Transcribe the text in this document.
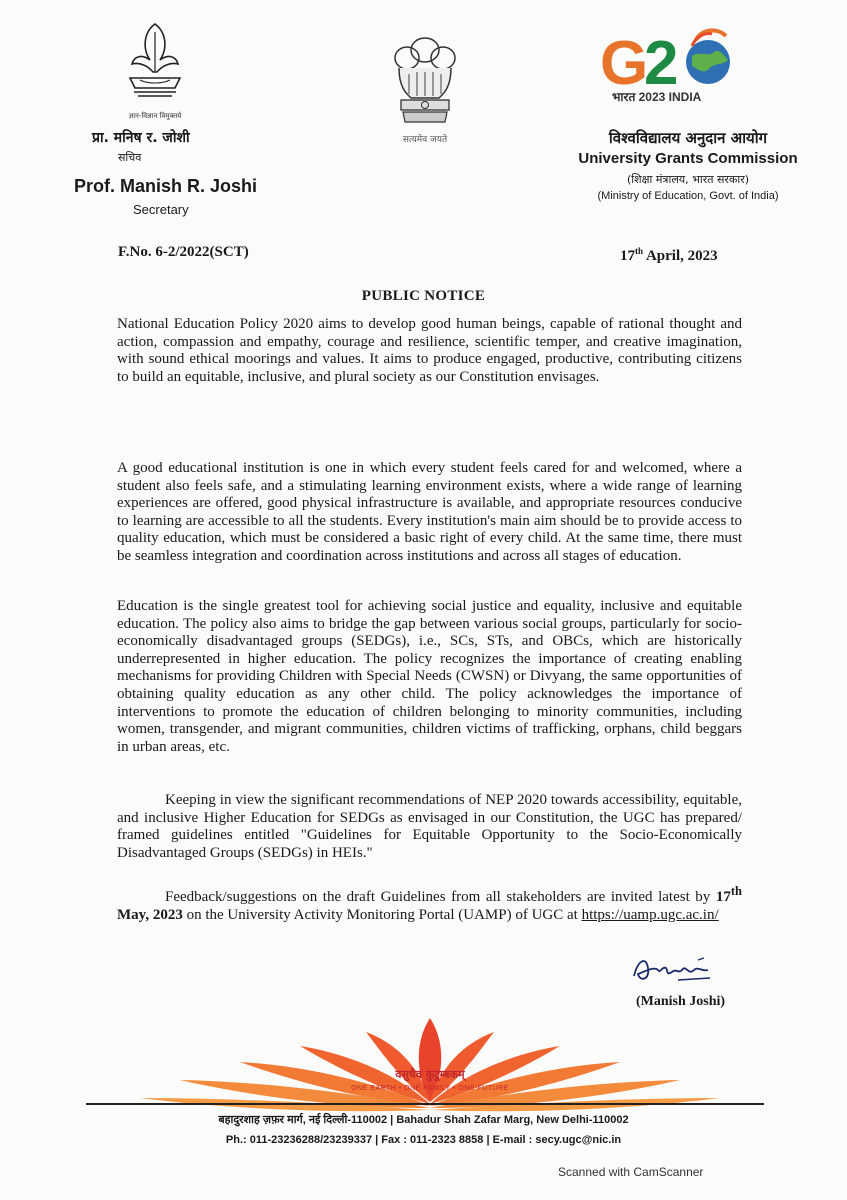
ज्ञान-विज्ञान विमुक्तये
प्रा. मनिष र. जोशी
सचिव
Prof. Manish R. Joshi
Secretary
सत्यमेव जयते
G
2
भारत 2023 INDIA
विश्वविद्यालय अनुदान आयोग
University Grants Commission
(शिक्षा मंत्रालय, भारत सरकार)
(Ministry of Education, Govt. of India)
F.No. 6-2/2022(SCT)	17th April, 2023
PUBLIC NOTICE
National Education Policy 2020 aims to develop good human beings, capable of rational thought and action, compassion and empathy, courage and resilience, scientific temper, and creative imagination, with sound ethical moorings and values. It aims to produce engaged, productive, contributing citizens to build an equitable, inclusive, and plural society as our Constitution envisages.
A good educational institution is one in which every student feels cared for and welcomed, where a student also feels safe, and a stimulating learning environment exists, where a wide range of learning experiences are offered, good physical infrastructure is available, and appropriate resources conducive to learning are accessible to all the students. Every institution's main aim should be to provide access to quality education, which must be considered a basic right of every child. At the same time, there must be seamless integration and coordination across institutions and across all stages of education.
Education is the single greatest tool for achieving social justice and equality, inclusive and equitable education. The policy also aims to bridge the gap between various social groups, particularly for socio-economically disadvantaged groups (SEDGs), i.e., SCs, STs, and OBCs, which are historically underrepresented in higher education. The policy recognizes the importance of creating enabling mechanisms for providing Children with Special Needs (CWSN) or Divyang, the same opportunities of obtaining quality education as any other child. The policy acknowledges the importance of interventions to promote the education of children belonging to minority communities, including women, transgender, and migrant communities, children victims of trafficking, orphans, child beggars in urban areas, etc.
Keeping in view the significant recommendations of NEP 2020 towards accessibility, equitable, and inclusive Higher Education for SEDGs as envisaged in our Constitution, the UGC has prepared/ framed guidelines entitled "Guidelines for Equitable Opportunity to the Socio-Economically Disadvantaged Groups (SEDGs) in HEIs."
Feedback/suggestions on the draft Guidelines from all stakeholders are invited latest by 17th May, 2023 on the University Activity Monitoring Portal (UAMP) of UGC at https://uamp.ugc.ac.in/
(Manish Joshi)
वसुधैव कुटुम्बकम्
ONE EARTH • ONE FAMILY • ONE FUTURE
बहादुरशाह ज़फ़र मार्ग, नई दिल्ली-110002 | Bahadur Shah Zafar Marg, New Delhi-110002
Ph.: 011-23236288/23239337 | Fax : 011-2323 8858 | E-mail : secy.ugc@nic.in
Scanned with CamScanner
